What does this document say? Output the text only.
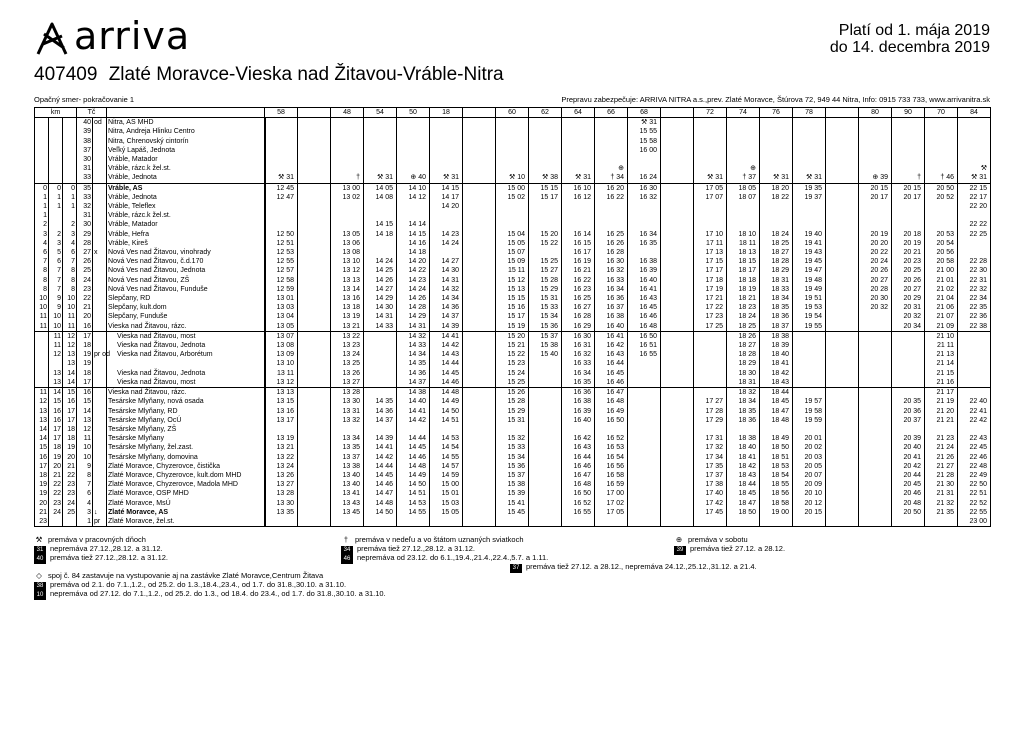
arriva	Platí od 1. mája 2019
do 14. decembra 2019
407409 Zlaté Moravce-Vieska nad Žitavou-Vráble-Nitra
Opačný smer- pokračovanie 1	Prepravu zabezpečuje: ARRIVA NITRA a.s.,prev. Zlaté Moravce, Štúrova 72, 949 44 Nitra, Info: 0915 733 733, www.arrivanitra.sk
km			Tč			58		48	54	50	18		60	62	64	66	68		72	74	76	78		80	90	70	84
			40	od	Nitra, AS MHD												⚒ 31										
			39		Nitra, Andreja Hlinku Centro												15 55										
			38		Nitra, Chrenovský cintorín												15 58										
			37		Veľký Lapáš, Jednota												16 00										
			30		Vráble, Matador																						
			31		Vráble, rázc.k žel.st.											⊕				⊕							⚒
			33		Vráble, Jednota	⚒ 31		†	⚒ 31	⊕ 40	⚒ 31		⚒ 10	⚒ 38	⚒ 31	† 34	16 24		⚒ 31	† 37	⚒ 31	⚒ 31		⊕ 39	†	† 46	⚒ 31
0	0	0	35		Vráble, AS	12 45		13 00	14 05	14 10	14 15		15 00	15 15	16 10	16 20	16 30		17 05	18 05	18 20	19 35		20 15	20 15	20 50	22 15
1	1	1	33		Vráble, Jednota	12 47		13 02	14 08	14 12	14 17		15 02	15 17	16 12	16 22	16 32		17 07	18 07	18 22	19 37		20 17	20 17	20 52	22 17
1	1	1	32		Vráble, Teleflex						14 20																22 20
1			31		Vráble, rázc.k žel.st.																						
2		2	30		Vráble, Matador				14 15	14 14																	22 22
3	2	3	29		Vráble, Hefra	12 50		13 05	14 18	14 15	14 23		15 04	15 20	16 14	16 25	16 34		17 10	18 10	18 24	19 40		20 19	20 18	20 53	22 25
4	3	4	28		Vráble, Kireš	12 51		13 06		14 16	14 24		15 05	15 22	16 15	16 26	16 35		17 11	18 11	18 25	19 41		20 20	20 19	20 54	
6	5	6	27	x	Nová Ves nad Žitavou, vinohrady	12 53		13 08		14 18			15 07		16 17	16 28			17 13	18 13	18 27	19 43		20 22	20 21	20 56	
7	6	7	26		Nová Ves nad Žitavou, č.d.170	12 55		13 10	14 24	14 20	14 27		15 09	15 25	16 19	16 30	16 38		17 15	18 15	18 28	19 45		20 24	20 23	20 58	22 28
8	7	8	25		Nová Ves nad Žitavou, Jednota	12 57		13 12	14 25	14 22	14 30		15 11	15 27	16 21	16 32	16 39		17 17	18 17	18 29	19 47		20 26	20 25	21 00	22 30
8	7	8	24		Nová Ves nad Žitavou, ZŠ	12 58		13 13	14 26	14 23	14 31		15 12	15 28	16 22	16 33	16 40		17 18	18 18	18 31	19 48		20 27	20 26	21 01	22 31
8	7	8	23		Nová Ves nad Žitavou, Funduše	12 59		13 14	14 27	14 24	14 32		15 13	15 29	16 23	16 34	16 41		17 19	18 19	18 33	19 49		20 28	20 27	21 02	22 32
10	9	10	22		Slepčany, RD	13 01		13 16	14 29	14 26	14 34		15 15	15 31	16 25	16 36	16 43		17 21	18 21	18 34	19 51		20 30	20 29	21 04	22 34
10	9	10	21		Slepčany, kult.dom	13 03		13 18	14 30	14 28	14 36		15 16	15 33	16 27	16 37	16 45		17 22	18 23	18 35	19 53		20 32	20 31	21 06	22 35
11	10	11	20		Slepčany, Funduše	13 04		13 19	14 31	14 29	14 37		15 17	15 34	16 28	16 38	16 46		17 23	18 24	18 36	19 54			20 32	21 07	22 36
11	10	11	16		Vieska nad Žitavou, rázc.	13 05		13 21	14 33	14 31	14 39		15 19	15 36	16 29	16 40	16 48		17 25	18 25	18 37	19 55			20 34	21 09	22 38
	11	12	17		Vieska nad Žitavou, most	13 07		13 22		14 32	14 41		15 20	15 37	16 30	16 41	16 50			18 26	18 38					21 10	
	11	12	18		Vieska nad Žitavou, Jednota	13 08		13 23		14 33	14 42		15 21	15 38	16 31	16 42	16 51			18 27	18 39					21 11	
	12	13	19	pr od	Vieska nad Žitavou, Arborétum	13 09		13 24		14 34	14 43		15 22	15 40	16 32	16 43	16 55			18 28	18 40					21 13	
		13	19			13 10		13 25		14 35	14 44		15 23		16 33	16 44				18 29	18 41					21 14	
	13	14	18		Vieska nad Žitavou, Jednota	13 11		13 26		14 36	14 45		15 24		16 34	16 45				18 30	18 42					21 15	
	13	14	17		Vieska nad Žitavou, most	13 12		13 27		14 37	14 46		15 25		16 35	16 46				18 31	18 43					21 16	
11	14	15	16		Vieska nad Žitavou, rázc.	13 13		13 28		14 38	14 48		15 26		16 36	16 47				18 32	18 44					21 17	
12	15	16	15		Tesárske Mlyňany, nová osada	13 15		13 30	14 35	14 40	14 49		15 28		16 38	16 48			17 27	18 34	18 45	19 57			20 35	21 19	22 40
13	16	17	14		Tesárske Mlyňany, RD	13 16		13 31	14 36	14 41	14 50		15 29		16 39	16 49			17 28	18 35	18 47	19 58			20 36	21 20	22 41
13	16	17	13		Tesárske Mlyňany, OcÚ	13 17		13 32	14 37	14 42	14 51		15 31		16 40	16 50			17 29	18 36	18 48	19 59			20 37	21 21	22 42
14	17	18	12		Tesárske Mlyňany, ZŠ																						
14	17	18	11		Tesárske Mlyňany	13 19		13 34	14 39	14 44	14 53		15 32		16 42	16 52			17 31	18 38	18 49	20 01			20 39	21 23	22 43
15	18	19	10		Tesárske Mlyňany, žel.zast.	13 21		13 35	14 41	14 45	14 54		15 33		16 43	16 53			17 32	18 40	18 50	20 02			20 40	21 24	22 45
16	19	20	10		Tesárske Mlyňany, domovina	13 22		13 37	14 42	14 46	14 55		15 34		16 44	16 54			17 34	18 41	18 51	20 03			20 41	21 26	22 46
17	20	21	9		Zlaté Moravce, Chyzerovce, čistička	13 24		13 38	14 44	14 48	14 57		15 36		16 46	16 56			17 35	18 42	18 53	20 05			20 42	21 27	22 48
18	21	22	8		Zlaté Moravce, Chyzerovce, kult.dom MHD	13 26		13 40	14 45	14 49	14 59		15 37		16 47	16 58			17 37	18 43	18 54	20 07			20 44	21 28	22 49
19	22	23	7		Zlaté Moravce, Chyzerovce, Madola MHD	13 27		13 40	14 46	14 50	15 00		15 38		16 48	16 59			17 38	18 44	18 55	20 09			20 45	21 30	22 50
19	22	23	6		Zlaté Moravce, OSP MHD	13 28		13 41	14 47	14 51	15 01		15 39		16 50	17 00			17 40	18 45	18 56	20 10			20 46	21 31	22 51
20	23	24	4		Zlaté Moravce, MsÚ	13 30		13 43	14 48	14 53	15 03		15 41		16 52	17 02			17 42	18 47	18 58	20 12			20 48	21 32	22 52
21	24	25	3	↓	Zlaté Moravce, AS	13 35		13 45	14 50	14 55	15 05		15 45		16 55	17 05			17 45	18 50	19 00	20 15			20 50	21 35	22 55
23			1	pr	Zlaté Moravce, žel.st.																						23 00
⚒ premáva v pracovných dňoch	† premáva v nedeľu a vo štátom uznaných sviatkoch	⊕ premáva v sobotu
31 nepremáva 27.12.,28.12. a 31.12.	34 premáva tiež 27.12.,28.12. a 31.12.	39 premáva tiež 27.12. a 28.12.
40 premáva tiež 27.12.,28.12. a 31.12.	46 nepremáva od 23.12. do 6.1.,19.4.,21.4.,22.4.,5.7. a 1.11.
37 premáva tiež 27.12. a 28.12., nepremáva 24.12.,25.12.,31.12. a 21.4.
◇ spoj č. 84 zastavuje na vystupovanie aj na zastávke Zlaté Moravce,Centrum Žitava
38 premáva od 2.1. do 7.1.,1.2., od 25.2. do 1.3.,18.4.,23.4., od 1.7. do 31.8.,30.10. a 31.10.
10 nepremáva od 27.12. do 7.1.,1.2., od 25.2. do 1.3., od 18.4. do 23.4., od 1.7. do 31.8.,30.10. a 31.10.
